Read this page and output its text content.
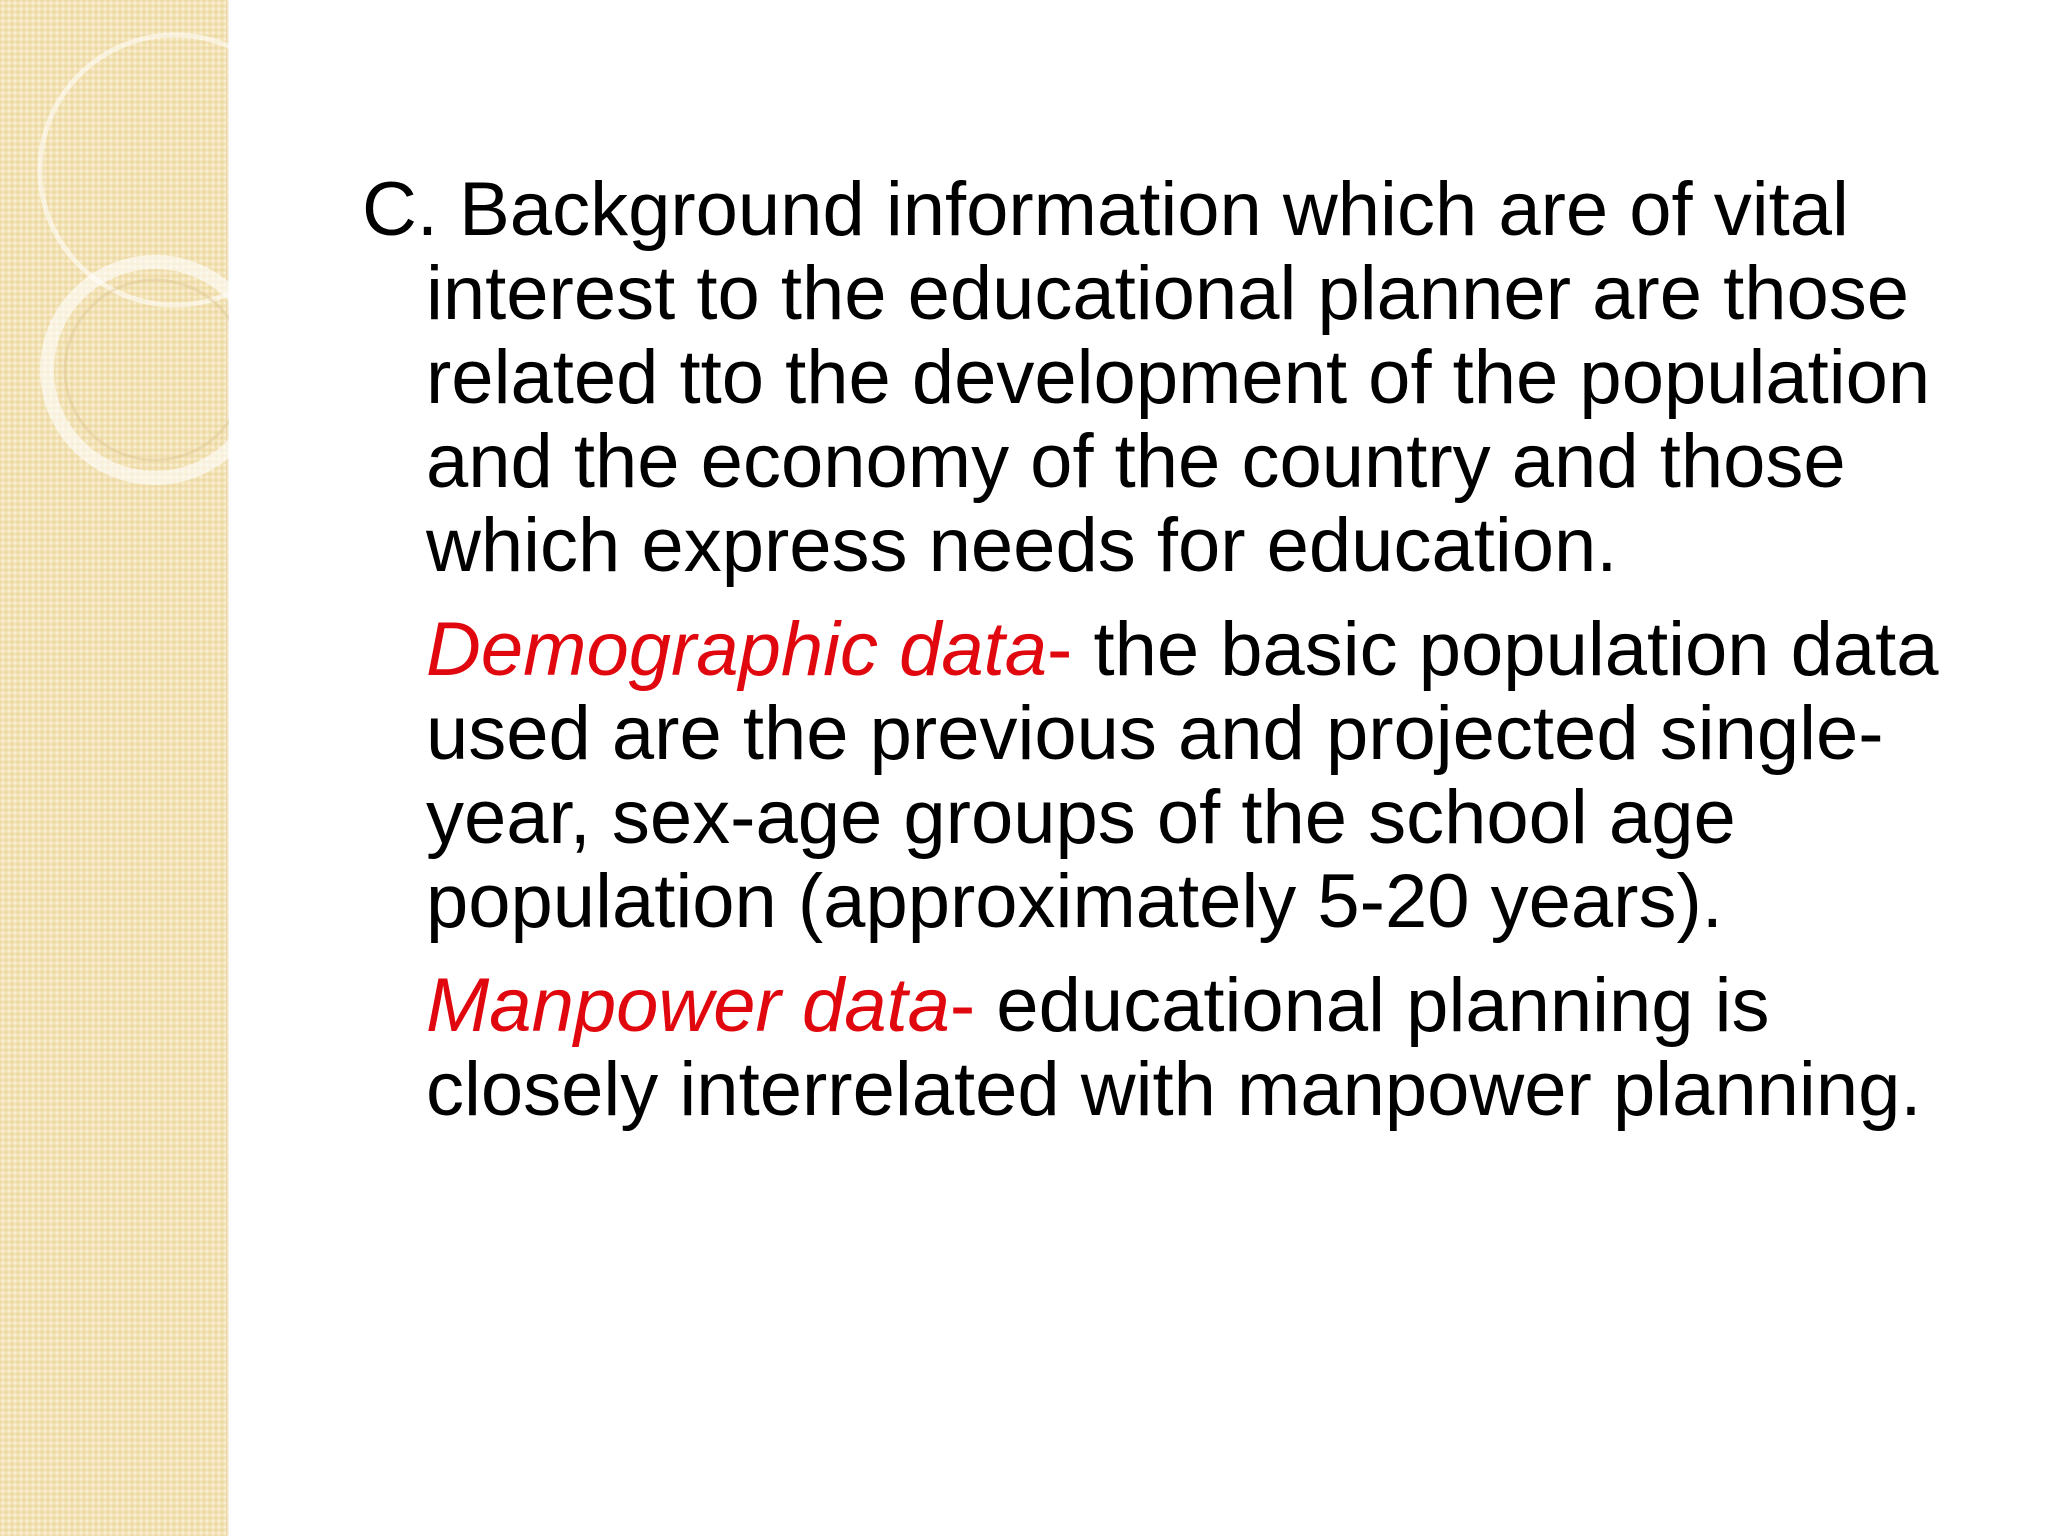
C. Background information which are of vital interest to the educational planner are those related tto the development of the population and the economy of the country and those which express needs for education.

Demographic data- the basic population data used are the previous and projected single-year, sex-age groups of the school age population (approximately 5-20 years).

Manpower data- educational planning is closely interrelated with manpower planning.
